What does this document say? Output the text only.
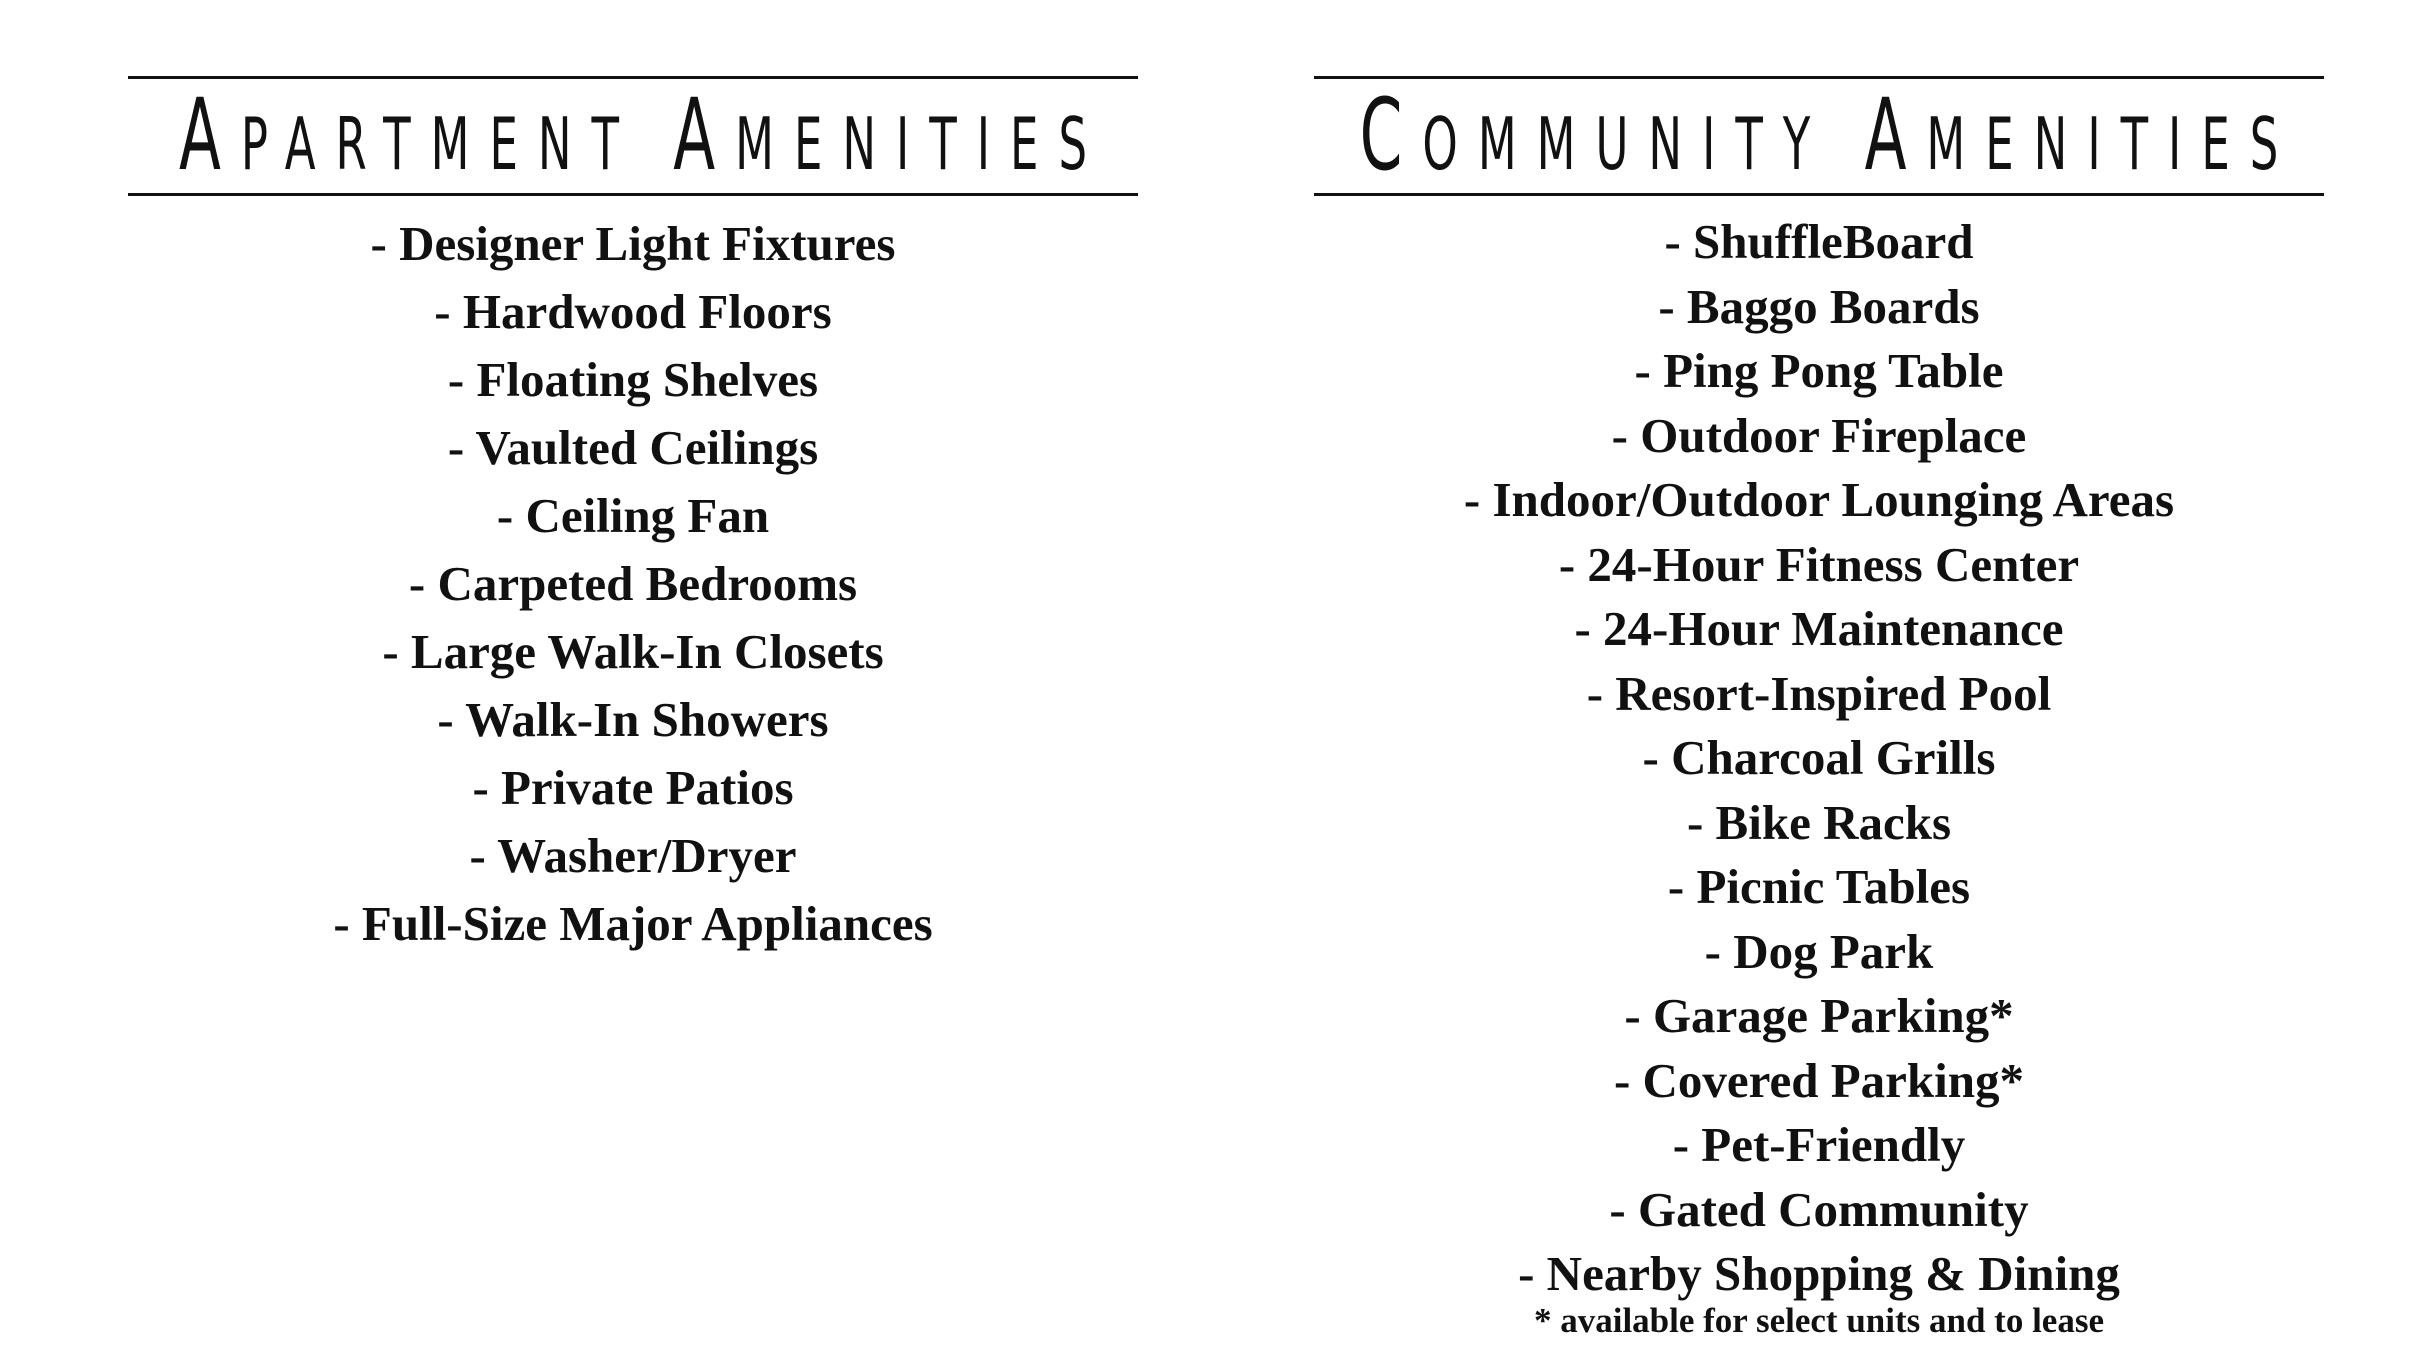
APARTMENT AMENITIES
- Designer Light Fixtures
- Hardwood Floors
- Floating Shelves
- Vaulted Ceilings
- Ceiling Fan
- Carpeted Bedrooms
- Large Walk-In Closets
- Walk-In Showers
- Private Patios
- Washer/Dryer
- Full-Size Major Appliances
COMMUNITY AMENITIES
- ShuffleBoard
- Baggo Boards
- Ping Pong Table
- Outdoor Fireplace
- Indoor/Outdoor Lounging Areas
- 24-Hour Fitness Center
- 24-Hour Maintenance
- Resort-Inspired Pool
- Charcoal Grills
- Bike Racks
- Picnic Tables
- Dog Park
- Garage Parking*
- Covered Parking*
- Pet-Friendly
- Gated Community
- Nearby Shopping & Dining
* available for select units and to lease
